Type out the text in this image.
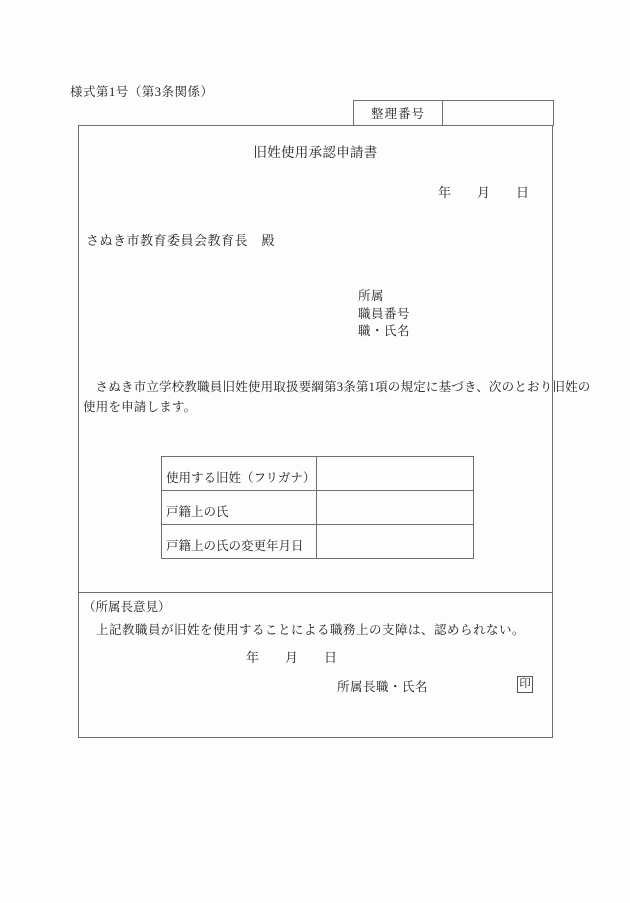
様式第1号（第3条関係）
整理番号	
旧姓使用承認申請書
年　　月　　日
さぬき市教育委員会教育長　殿
所属
職員番号
職・氏名
さぬき市立学校教職員旧姓使用取扱要綱第3条第1項の規定に基づき、次のとおり旧姓の
使用を申請します。
使用する旧姓（フリガナ）	
戸籍上の氏	
戸籍上の氏の変更年月日	
（所属長意見）
上記教職員が旧姓を使用することによる職務上の支障は、認められない。
年　　月　　日
所属長職・氏名	印
